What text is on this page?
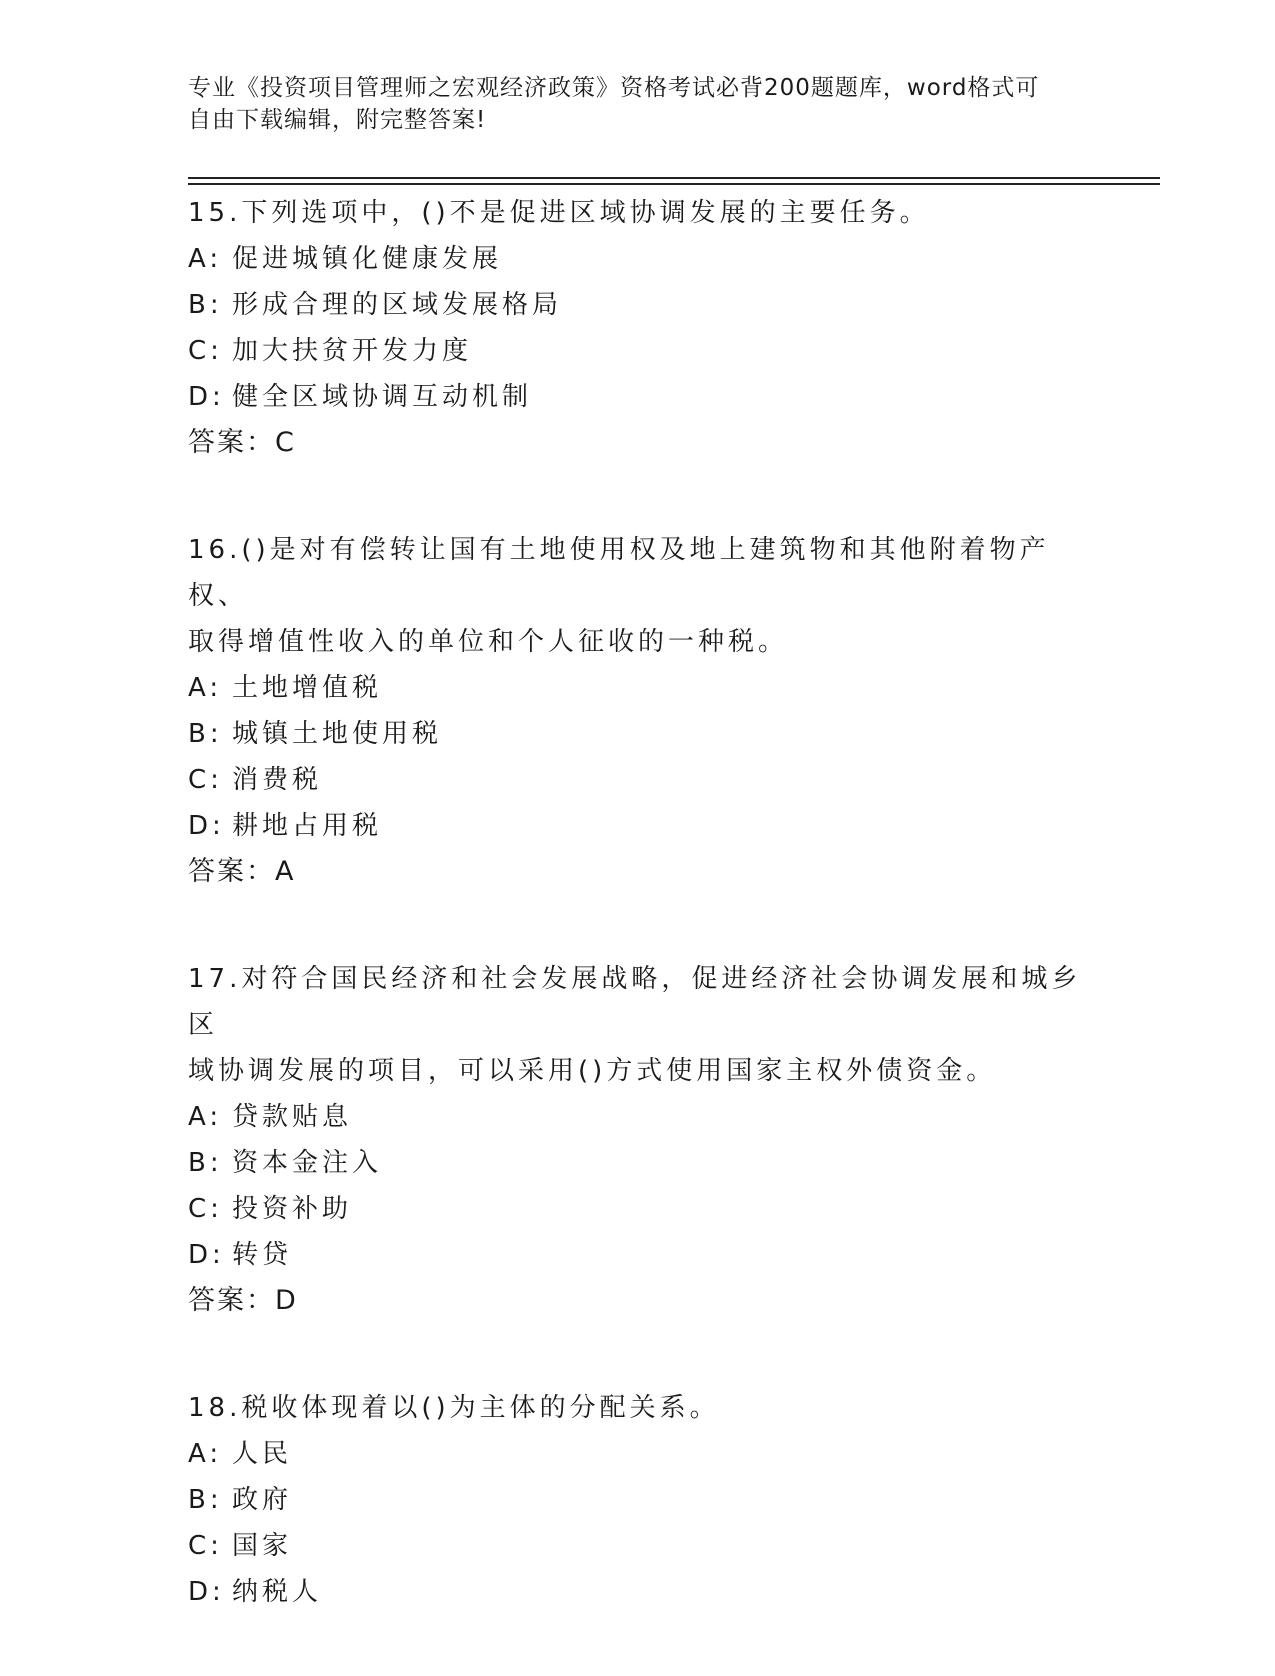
专业《投资项目管理师之宏观经济政策》资格考试必背200题题库，word格式可
自由下载编辑，附完整答案!
15.下列选项中，()不是促进区域协调发展的主要任务。
A: 促进城镇化健康发展
B: 形成合理的区域发展格局
C: 加大扶贫开发力度
D: 健全区域协调互动机制
答案：C
16.()是对有偿转让国有土地使用权及地上建筑物和其他附着物产权、
取得增值性收入的单位和个人征收的一种税。
A: 土地增值税
B: 城镇土地使用税
C: 消费税
D: 耕地占用税
答案：A
17.对符合国民经济和社会发展战略，促进经济社会协调发展和城乡区
域协调发展的项目，可以采用()方式使用国家主权外债资金。
A: 贷款贴息
B: 资本金注入
C: 投资补助
D: 转贷
答案：D
18.税收体现着以()为主体的分配关系。
A: 人民
B: 政府
C: 国家
D: 纳税人
